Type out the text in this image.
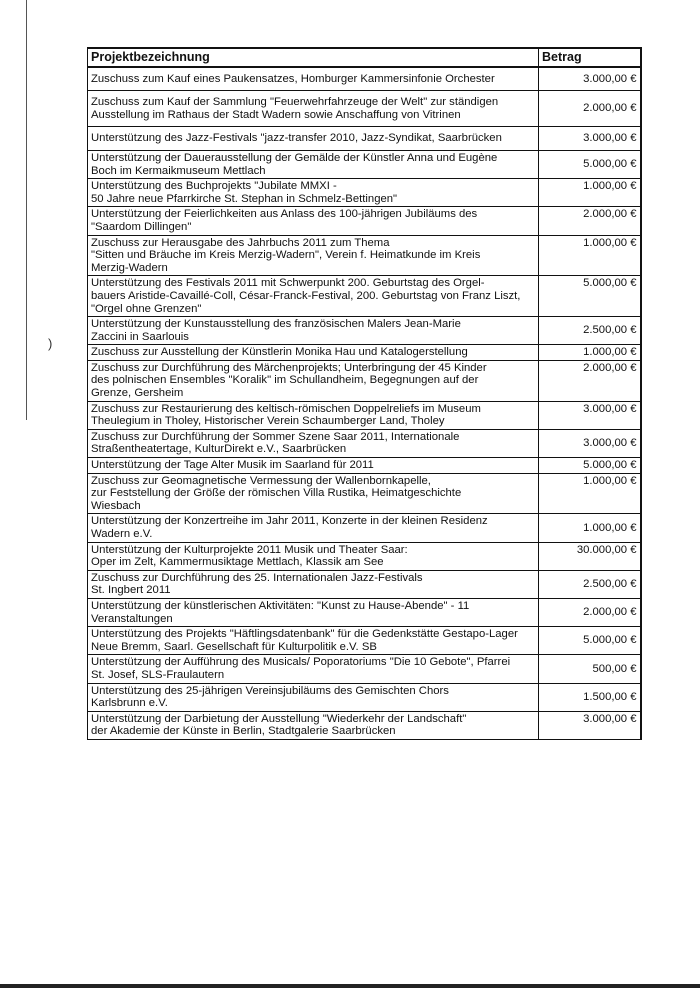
)
Projektbezeichnung	Betrag
Zuschuss zum Kauf eines Paukensatzes, Homburger Kammersinfonie Orchester	3.000,00 €
Zuschuss zum Kauf der Sammlung "Feuerwehrfahrzeuge der Welt" zur ständigen
Ausstellung im Rathaus der Stadt Wadern sowie Anschaffung von Vitrinen	2.000,00 €
Unterstützung des Jazz-Festivals "jazz-transfer 2010, Jazz-Syndikat, Saarbrücken	3.000,00 €
Unterstützung der Dauerausstellung der Gemälde der Künstler Anna und Eugène
Boch im Kermaikmuseum Mettlach	5.000,00 €
Unterstützung des Buchprojekts "Jubilate MMXI -
50 Jahre neue Pfarrkirche St. Stephan in Schmelz-Bettingen"	1.000,00 €
Unterstützung der Feierlichkeiten aus Anlass des 100-jährigen Jubiläums des
"Saardom Dillingen"	2.000,00 €
Zuschuss zur Herausgabe des Jahrbuchs 2011 zum Thema
"Sitten und Bräuche im Kreis Merzig-Wadern", Verein f. Heimatkunde im Kreis
Merzig-Wadern	1.000,00 €
Unterstützung des Festivals 2011 mit Schwerpunkt 200. Geburtstag des Orgel-
bauers Aristide-Cavaillé-Coll, César-Franck-Festival, 200. Geburtstag von Franz Liszt,
"Orgel ohne Grenzen"	5.000,00 €
Unterstützung der Kunstausstellung des französischen Malers Jean-Marie
Zaccini in Saarlouis	2.500,00 €
Zuschuss zur Ausstellung der Künstlerin Monika Hau und Katalogerstellung	1.000,00 €
Zuschuss zur Durchführung des Märchenprojekts; Unterbringung der 45 Kinder
des polnischen Ensembles "Koralik" im Schullandheim, Begegnungen auf der
Grenze, Gersheim	2.000,00 €
Zuschuss zur Restaurierung des keltisch-römischen Doppelreliefs im Museum
Theulegium in Tholey, Historischer Verein Schaumberger Land, Tholey	3.000,00 €
Zuschuss zur Durchführung der Sommer Szene Saar 2011, Internationale
Straßentheatertage, KulturDirekt e.V., Saarbrücken	3.000,00 €
Unterstützung der Tage Alter Musik im Saarland für 2011	5.000,00 €
Zuschuss zur Geomagnetische Vermessung der Wallenbornkapelle,
zur Feststellung der Größe der römischen Villa Rustika, Heimatgeschichte
Wiesbach	1.000,00 €
Unterstützung der Konzertreihe im Jahr 2011, Konzerte in der kleinen Residenz
Wadern e.V.	1.000,00 €
Unterstützung der Kulturprojekte 2011 Musik und Theater Saar:
Oper im Zelt, Kammermusiktage Mettlach, Klassik am See	30.000,00 €
Zuschuss zur Durchführung des 25. Internationalen Jazz-Festivals
St. Ingbert 2011	2.500,00 €
Unterstützung der künstlerischen Aktivitäten: "Kunst zu Hause-Abende" - 11
Veranstaltungen	2.000,00 €
Unterstützung des Projekts "Häftlingsdatenbank" für die Gedenkstätte Gestapo-Lager
Neue Bremm, Saarl. Gesellschaft für Kulturpolitik e.V. SB	5.000,00 €
Unterstützung der Aufführung des Musicals/ Poporatoriums "Die 10 Gebote", Pfarrei
St. Josef, SLS-Fraulautern	500,00 €
Unterstützung des 25-jährigen Vereinsjubiläums des Gemischten Chors
Karlsbrunn e.V.	1.500,00 €
Unterstützung der Darbietung der Ausstellung "Wiederkehr der Landschaft"
der Akademie der Künste in Berlin, Stadtgalerie Saarbrücken	3.000,00 €
